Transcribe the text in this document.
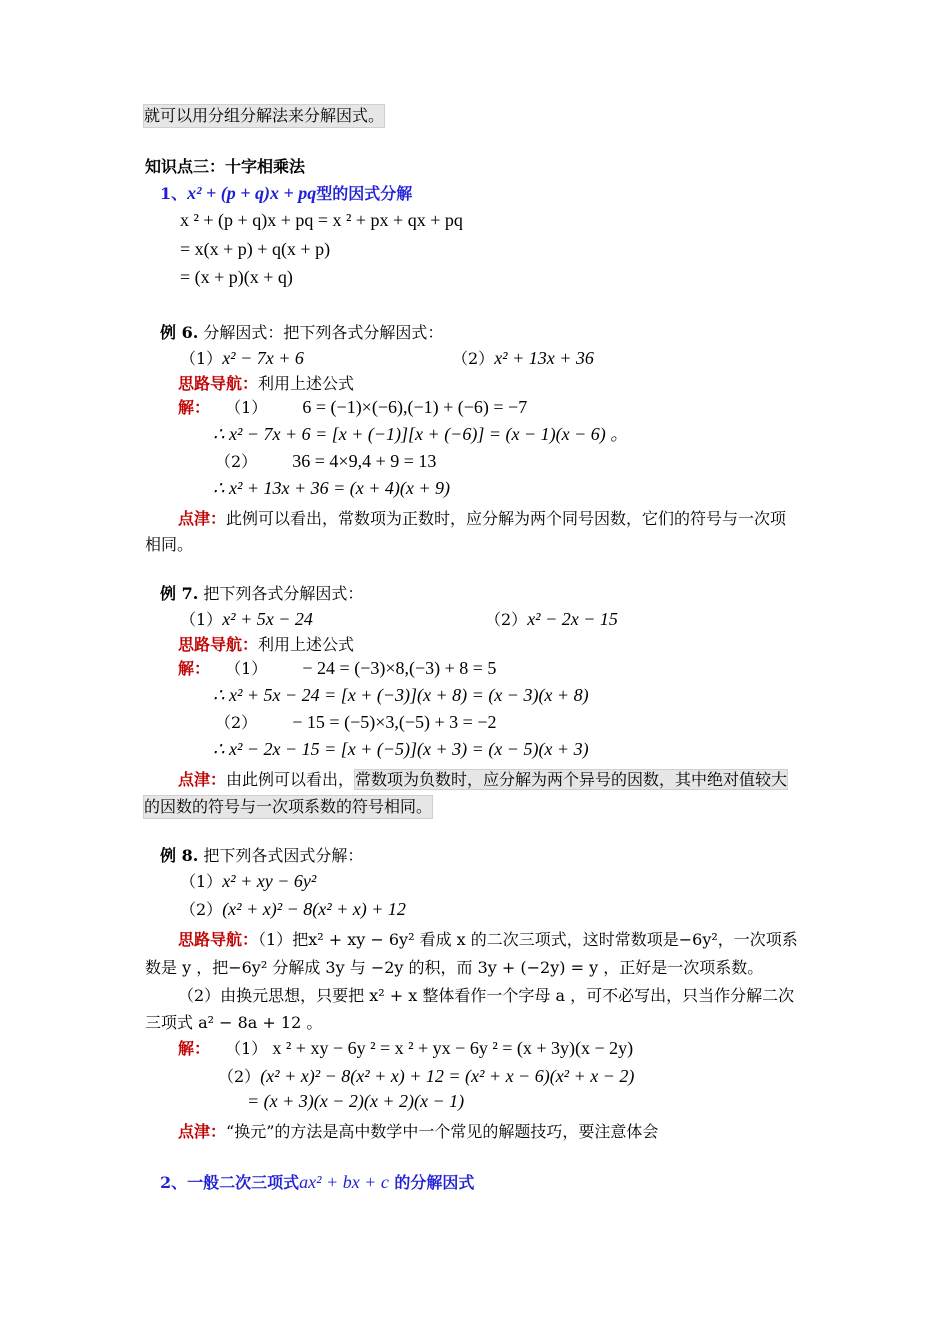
就可以用分组分解法来分解因式。
知识点三：十字相乘法
1、x² + (p + q)x + pq型的因式分解
x ² + (p + q)x + pq = x ² + px + qx + pq
= x(x + p) + q(x + p)
= (x + p)(x + q)
例 6. 分解因式：把下列各式分解因式：
（1）x² − 7x + 6	（2）x² + 13x + 36
思路导航：利用上述公式
解： （1） 6 = (−1)×(−6),(−1) + (−6) = −7
∴ x² − 7x + 6 = [x + (−1)][x + (−6)] = (x − 1)(x − 6) 。
（2） 36 = 4×9,4 + 9 = 13
∴ x² + 13x + 36 = (x + 4)(x + 9)
点津：此例可以看出，常数项为正数时，应分解为两个同号因数，它们的符号与一次项
相同。
例 7. 把下列各式分解因式：
（1）x² + 5x − 24	（2）x² − 2x − 15
思路导航：利用上述公式
解： （1） − 24 = (−3)×8,(−3) + 8 = 5
∴ x² + 5x − 24 = [x + (−3)](x + 8) = (x − 3)(x + 8)
（2） − 15 = (−5)×3,(−5) + 3 = −2
∴ x² − 2x − 15 = [x + (−5)](x + 3) = (x − 5)(x + 3)
点津：由此例可以看出，常数项为负数时，应分解为两个异号的因数，其中绝对值较大
的因数的符号与一次项系数的符号相同。
例 8. 把下列各式因式分解：
（1）x² + xy − 6y²
（2）(x² + x)² − 8(x² + x) + 12
思路导航：（1）把x² + xy − 6y² 看成 x 的二次三项式，这时常数项是−6y²，一次项系
数是 y ，把−6y² 分解成 3y 与 −2y 的积，而 3y + (−2y) = y ，正好是一次项系数。
（2）由换元思想，只要把 x² + x 整体看作一个字母 a ，可不必写出，只当作分解二次
三项式 a² − 8a + 12 。
解： （1） x ² + xy − 6y ² = x ² + yx − 6y ² = (x + 3y)(x − 2y)
（2）(x² + x)² − 8(x² + x) + 12 = (x² + x − 6)(x² + x − 2)
= (x + 3)(x − 2)(x + 2)(x − 1)
点津：“换元”的方法是高中数学中一个常见的解题技巧，要注意体会
2、一般二次三项式ax² + bx + c 的分解因式
